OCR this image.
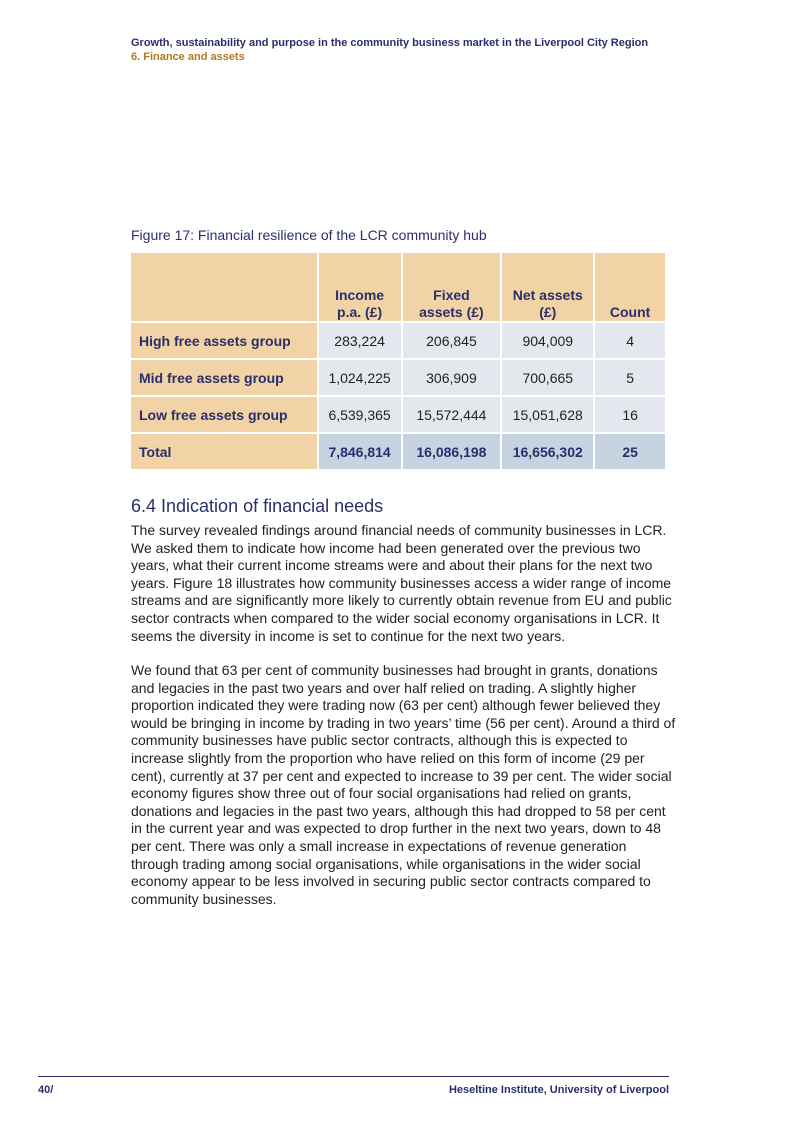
Growth, sustainability and purpose in the community business market in the Liverpool City Region
6. Finance and assets
Figure 17: Financial resilience of the LCR community hub
	Income p.a. (£)	Fixed assets (£)	Net assets (£)	Count
High free assets group	283,224	206,845	904,009	4
Mid free assets group	1,024,225	306,909	700,665	5
Low free assets group	6,539,365	15,572,444	15,051,628	16
Total	7,846,814	16,086,198	16,656,302	25
6.4 Indication of financial needs

The survey revealed findings around financial needs of community businesses in LCR. We asked them to indicate how income had been generated over the previous two years, what their current income streams were and about their plans for the next two years. Figure 18 illustrates how community businesses access a wider range of income streams and are significantly more likely to currently obtain revenue from EU and public sector contracts when compared to the wider social economy organisations in LCR. It seems the diversity in income is set to continue for the next two years.

We found that 63 per cent of community businesses had brought in grants, donations and legacies in the past two years and over half relied on trading. A slightly higher proportion indicated they were trading now (63 per cent) although fewer believed they would be bringing in income by trading in two years’ time (56 per cent). Around a third of community businesses have public sector contracts, although this is expected to increase slightly from the proportion who have relied on this form of income (29 per cent), currently at 37 per cent and expected to increase to 39 per cent. The wider social economy figures show three out of four social organisations had relied on grants, donations and legacies in the past two years, although this had dropped to 58 per cent in the current year and was expected to drop further in the next two years, down to 48 per cent. There was only a small increase in expectations of revenue generation through trading among social organisations, while organisations in the wider social economy appear to be less involved in securing public sector contracts compared to community businesses.

40/	Heseltine Institute, University of Liverpool
